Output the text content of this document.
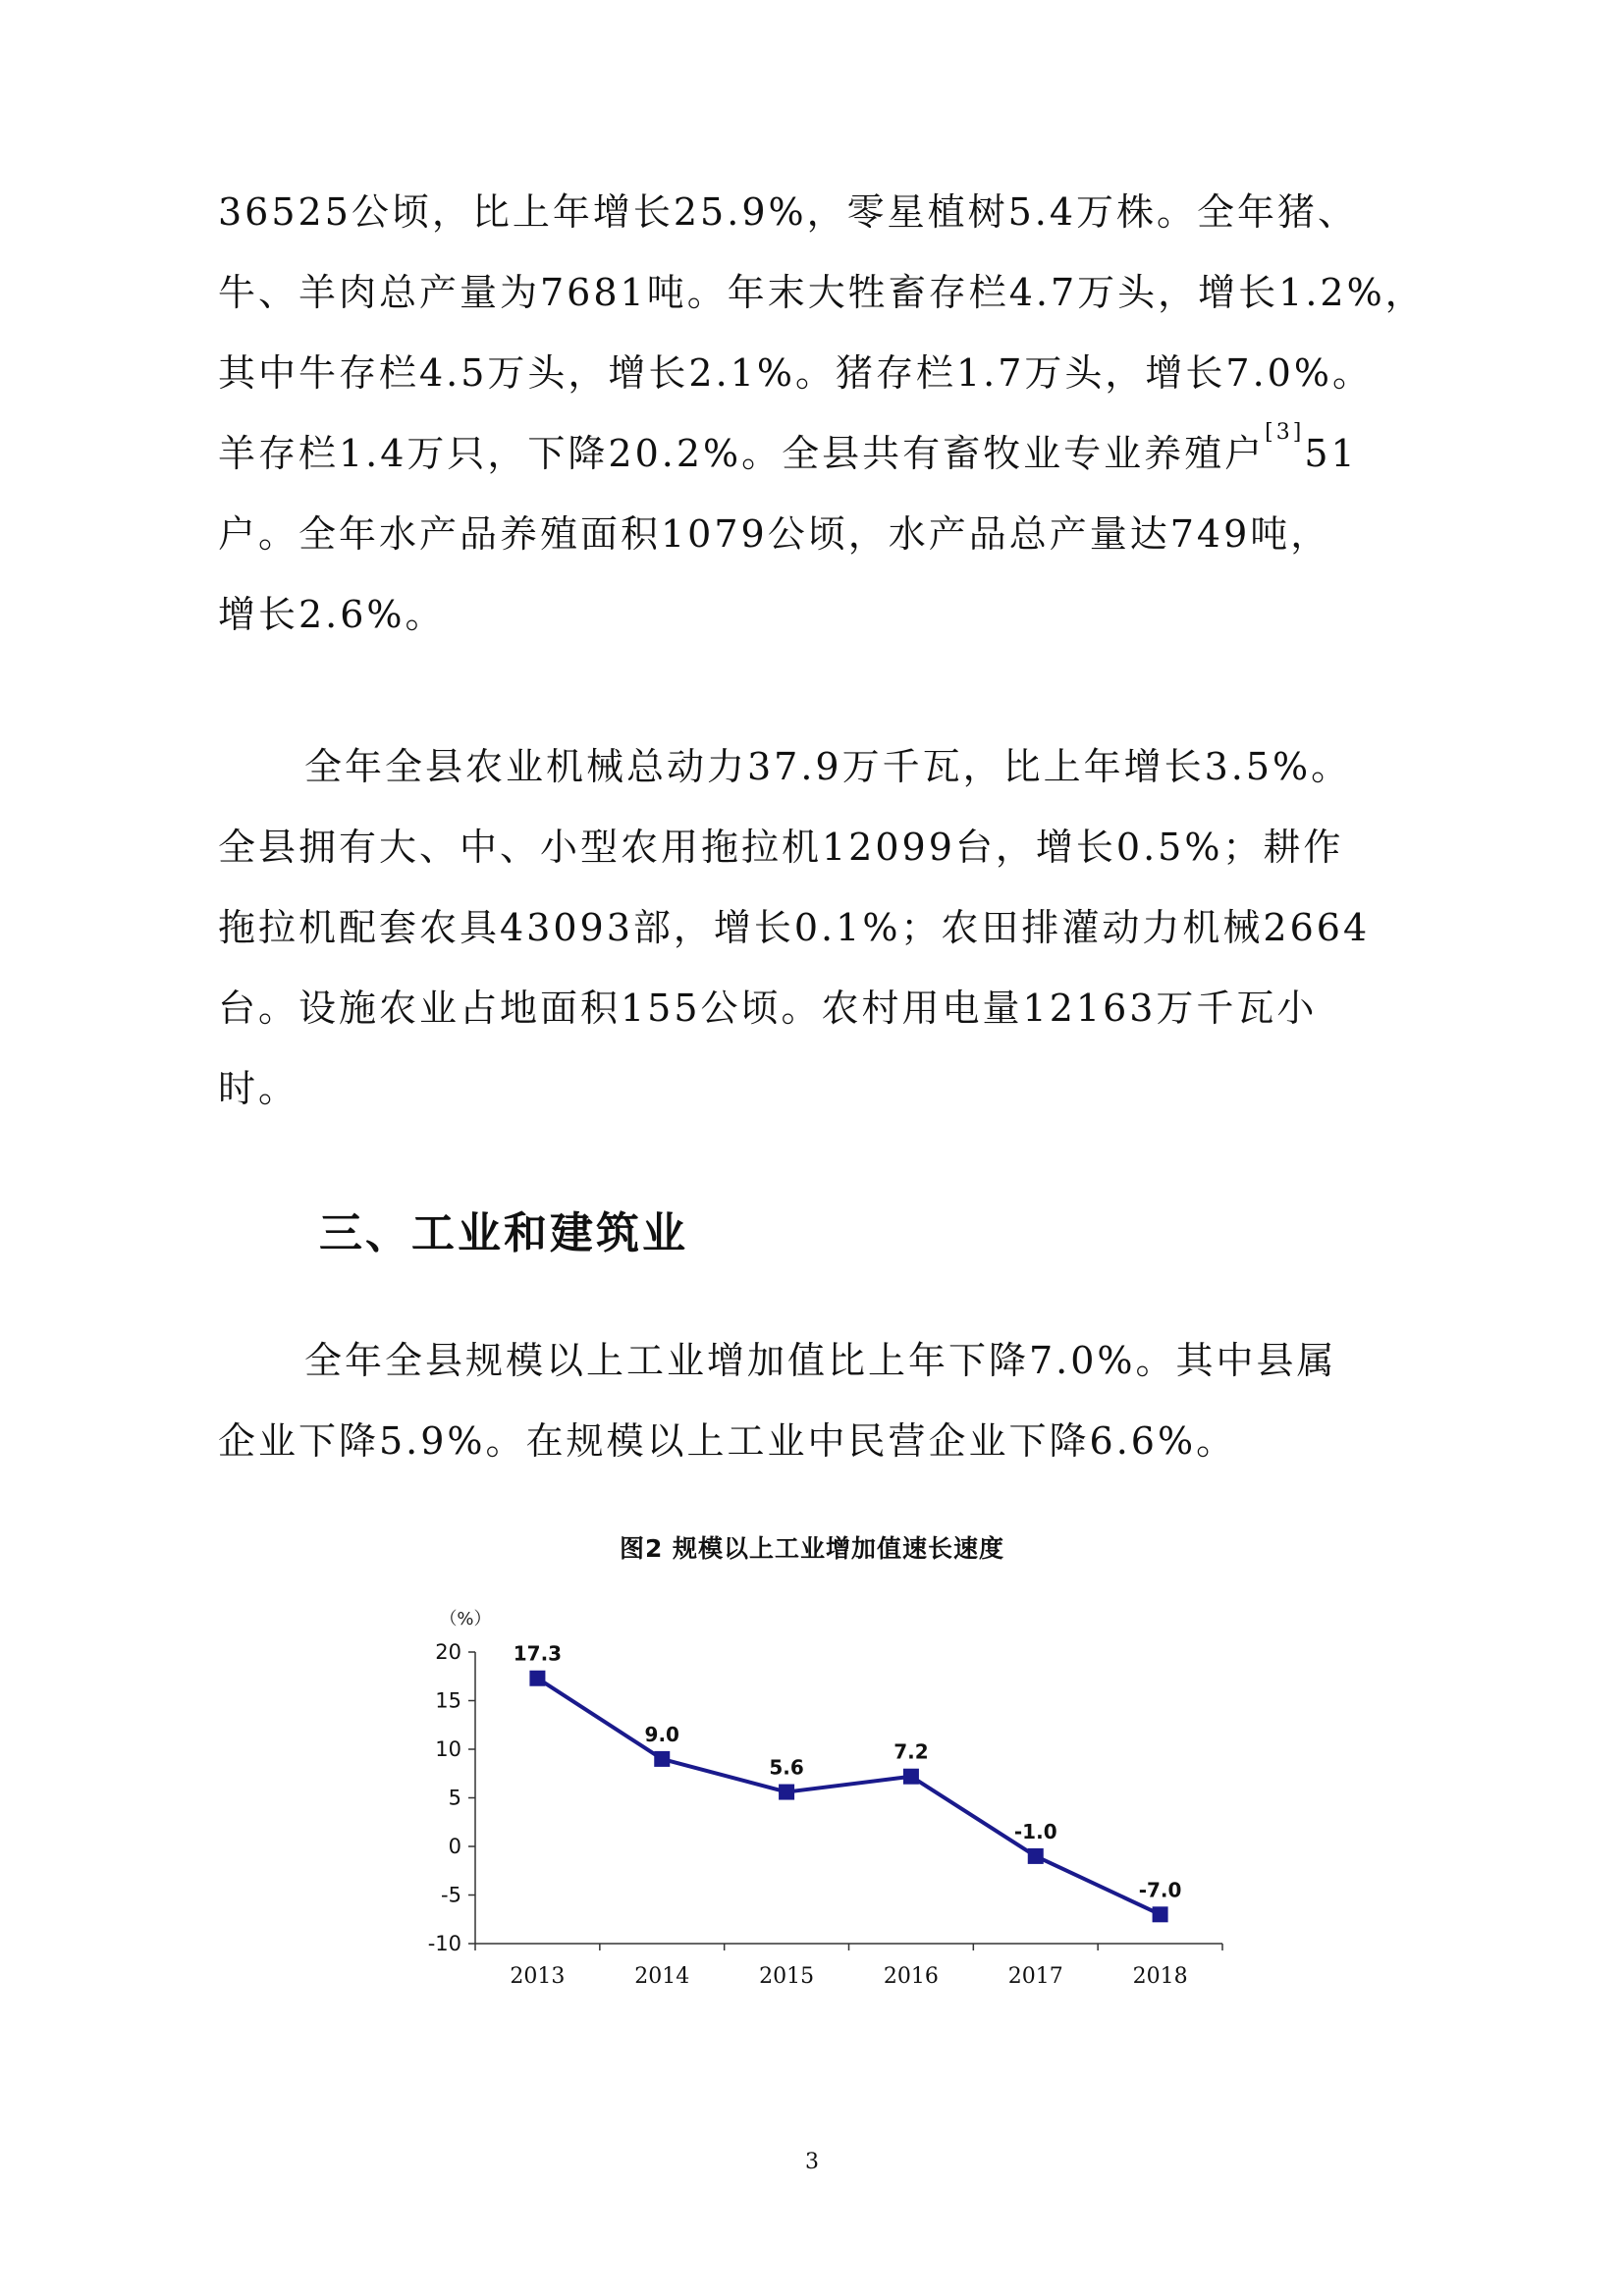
36525公顷，比上年增长25.9%，零星植树5.4万株。全年猪、
牛、羊肉总产量为7681吨。年末大牲畜存栏4.7万头，增长1.2%，
其中牛存栏4.5万头，增长2.1%。猪存栏1.7万头，增长7.0%。
羊存栏1.4万只，下降20.2%。全县共有畜牧业专业养殖户[3]51
户。全年水产品养殖面积1079公顷，水产品总产量达749吨，
增长2.6%。
全年全县农业机械总动力37.9万千瓦，比上年增长3.5%。
全县拥有大、中、小型农用拖拉机12099台，增长0.5%；耕作
拖拉机配套农具43093部，增长0.1%；农田排灌动力机械2664
台。设施农业占地面积155公顷。农村用电量12163万千瓦小
时。
三、工业和建筑业
全年全县规模以上工业增加值比上年下降7.0%。其中县属
企业下降5.9%。在规模以上工业中民营企业下降6.6%。
图2 规模以上工业增加值速长速度
（%）
20
15
10
5
0
-5
-10
2013	2014	2015	2016	2017	2018
17.3
9.0
5.6
7.2
-1.0
-7.0
3
